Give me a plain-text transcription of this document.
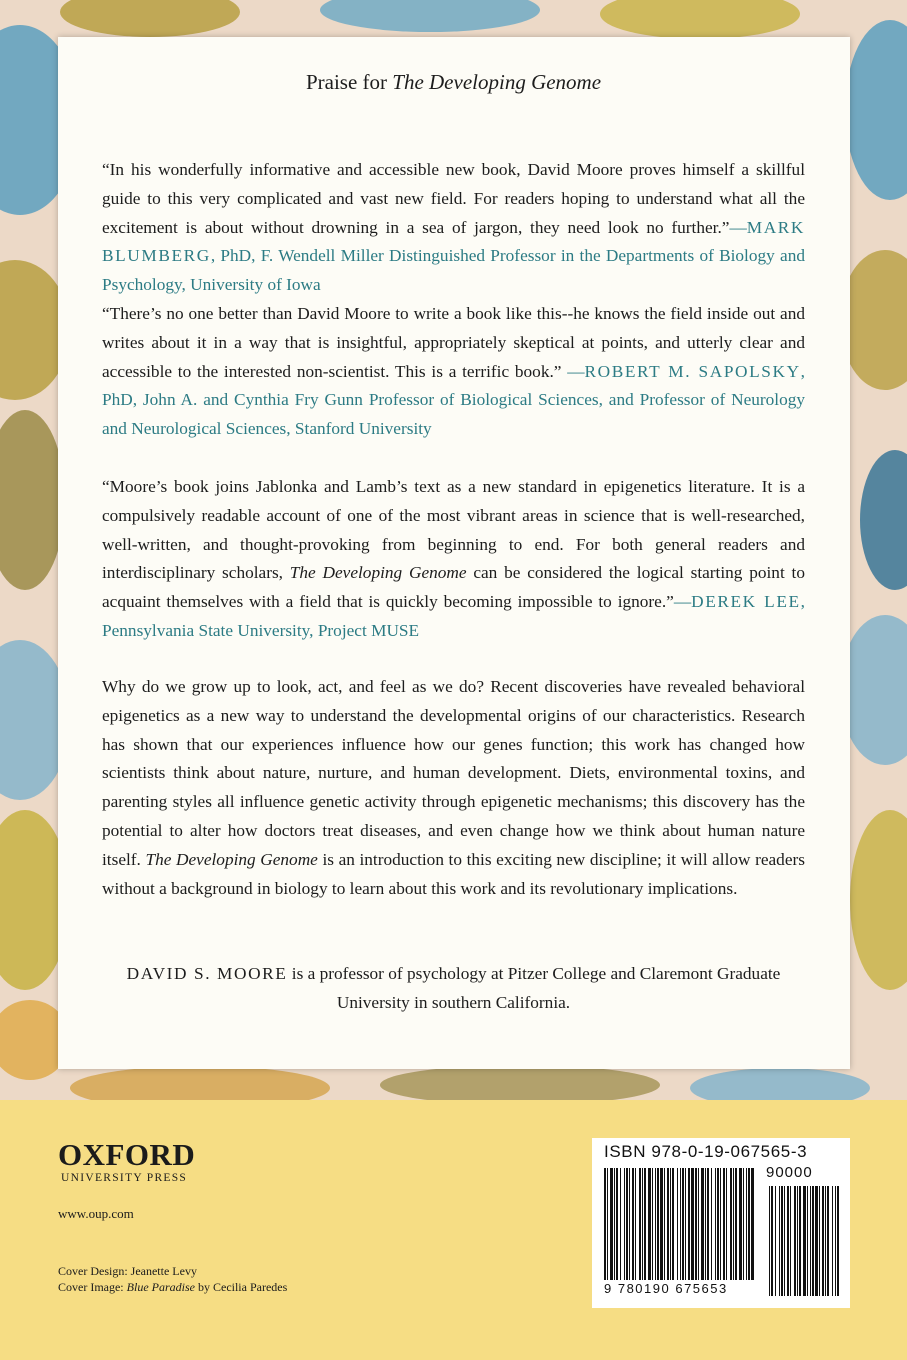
Praise for The Developing Genome
“In his wonderfully informative and accessible new book, David Moore proves himself a skillful guide to this very complicated and vast new field. For readers hoping to understand what all the excitement is about without drowning in a sea of jargon, they need look no further.”—MARK BLUMBERG, PhD, F. Wendell Miller Distinguished Professor in the Departments of Biology and Psychology, University of Iowa
“There’s no one better than David Moore to write a book like this--he knows the field inside out and writes about it in a way that is insightful, appropriately skeptical at points, and utterly clear and accessible to the interested non-scientist. This is a terrific book.” —ROBERT M. SAPOLSKY, PhD, John A. and Cynthia Fry Gunn Professor of Biological Sciences, and Professor of Neurology and Neurological Sciences, Stanford University
“Moore’s book joins Jablonka and Lamb’s text as a new standard in epigenetics literature. It is a compulsively readable account of one of the most vibrant areas in science that is well-researched, well-written, and thought-provoking from beginning to end. For both general readers and interdisciplinary scholars, The Developing Genome can be considered the logical starting point to acquaint themselves with a field that is quickly becoming impossible to ignore.”—DEREK LEE, Pennsylvania State University, Project MUSE
Why do we grow up to look, act, and feel as we do? Recent discoveries have revealed behavioral epigenetics as a new way to understand the developmental origins of our characteristics. Research has shown that our experiences influence how our genes function; this work has changed how scientists think about nature, nurture, and human development. Diets, environmental toxins, and parenting styles all influence genetic activity through epigenetic mechanisms; this discovery has the potential to alter how doctors treat diseases, and even change how we think about human nature itself. The Developing Genome is an introduction to this exciting new discipline; it will allow readers without a background in biology to learn about this work and its revolutionary implications.
DAVID S. MOORE is a professor of psychology at Pitzer College and Claremont Graduate University in southern California.
OXFORD
UNIVERSITY PRESS
www.oup.com
Cover Design: Jeanette Levy
Cover Image: Blue Paradise by Cecilia Paredes
ISBN 978-0-19-067565-3
90000
9 780190 675653
